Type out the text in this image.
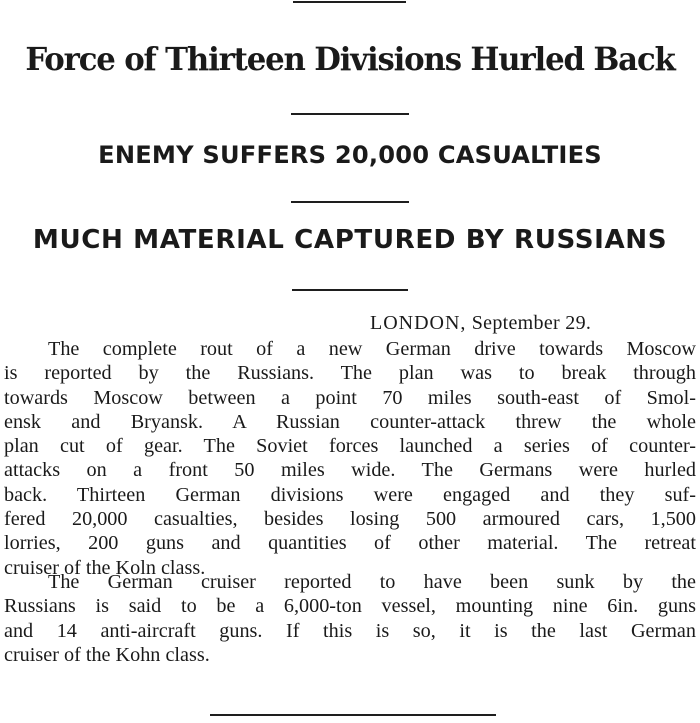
Force of Thirteen Divisions Hurled Back
ENEMY SUFFERS 20,000 CASUALTIES
MUCH MATERIAL CAPTURED BY RUSSIANS
LONDON, September 29.
The complete rout of a new German drive towards Moscow
is reported by the Russians. The plan was to break through
towards Moscow between a point 70 miles south-east of Smol-
ensk and Bryansk. A Russian counter-attack threw the whole
plan cut of gear. The Soviet forces launched a series of counter-
attacks on a front 50 miles wide. The Germans were hurled
back. Thirteen German divisions were engaged and they suf-
fered 20,000 casualties, besides losing 500 armoured cars, 1,500
lorries, 200 guns and quantities of other material. The retreat
cruiser of the Koln class.
The German cruiser reported to have been sunk by the
Russians is said to be a 6,000-ton vessel, mounting nine 6in. guns
and 14 anti-aircraft guns. If this is so, it is the last German
cruiser of the Kohn class.
